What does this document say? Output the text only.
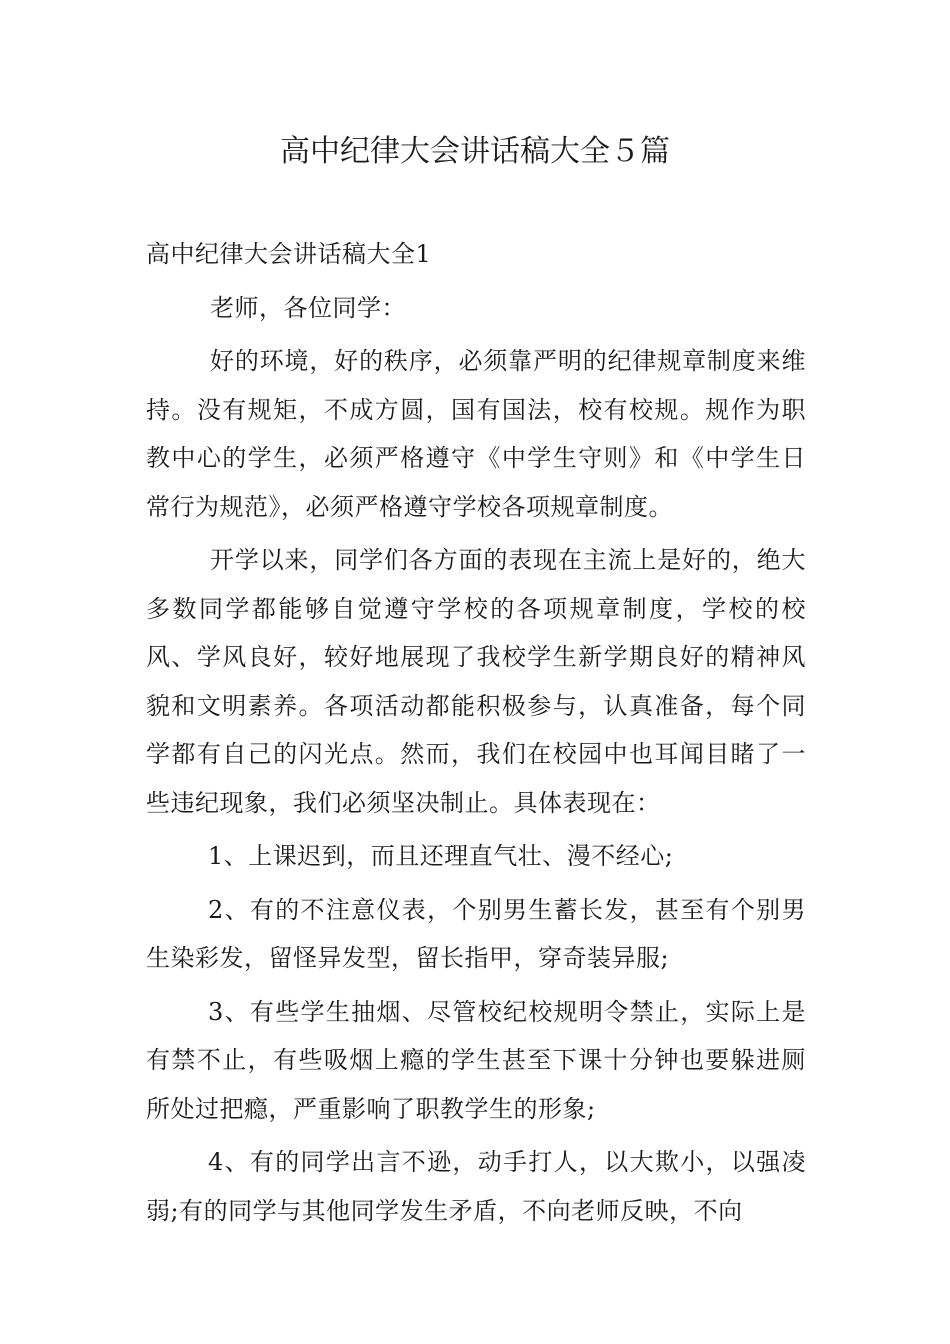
高中纪律大会讲话稿大全５篇

高中纪律大会讲话稿大全1

老师，各位同学：

好的环境，好的秩序，必须靠严明的纪律规章制度来维持。没有规矩，不成方圆，国有国法，校有校规。规作为职教中心的学生，必须严格遵守《中学生守则》和《中学生日常行为规范》，必须严格遵守学校各项规章制度。

开学以来，同学们各方面的表现在主流上是好的，绝大多数同学都能够自觉遵守学校的各项规章制度，学校的校风、学风良好，较好地展现了我校学生新学期良好的精神风貌和文明素养。各项活动都能积极参与，认真准备，每个同学都有自己的闪光点。然而，我们在校园中也耳闻目睹了一些违纪现象，我们必须坚决制止。具体表现在：

1、上课迟到，而且还理直气壮、漫不经心;

2、有的不注意仪表，个别男生蓄长发，甚至有个别男生染彩发，留怪异发型，留长指甲，穿奇装异服;

3、有些学生抽烟、尽管校纪校规明令禁止，实际上是有禁不止，有些吸烟上瘾的学生甚至下课十分钟也要躲进厕所处过把瘾，严重影响了职教学生的形象;

4、有的同学出言不逊，动手打人，以大欺小，以强凌弱;有的同学与其他同学发生矛盾，不向老师反映，不向
